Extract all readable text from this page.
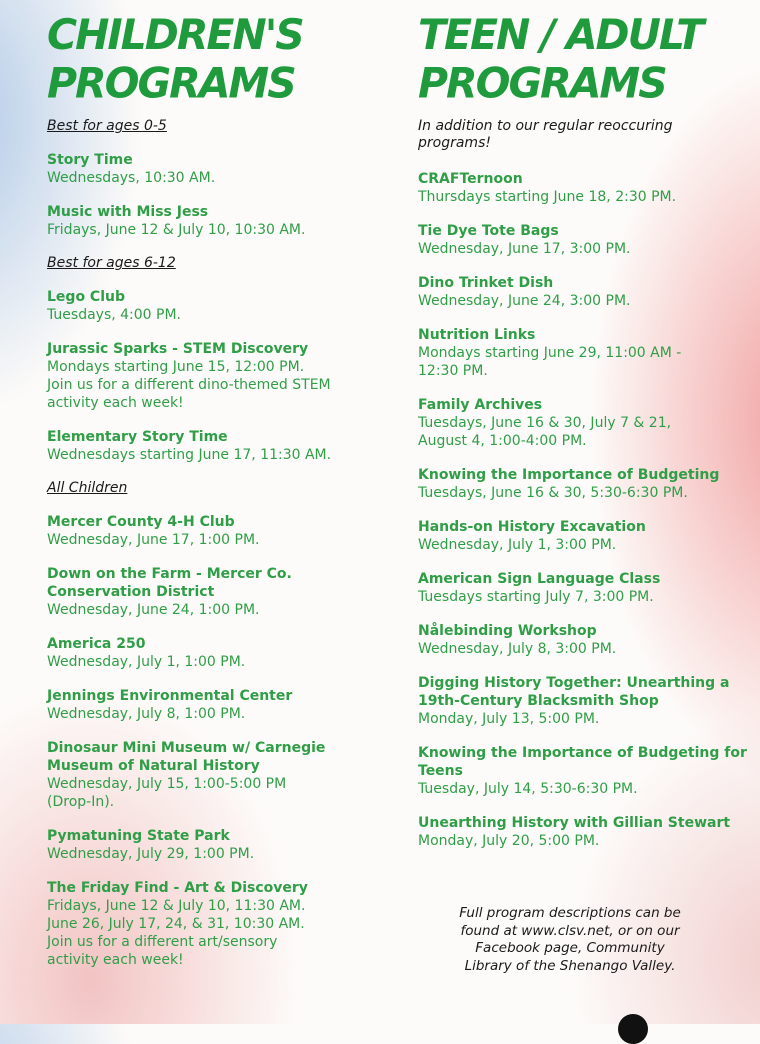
CHILDREN'S
PROGRAMS
Best for ages 0-5
Story Time
Wednesdays, 10:30 AM.
Music with Miss Jess
Fridays, June 12 & July 10, 10:30 AM.
Best for ages 6-12
Lego Club
Tuesdays, 4:00 PM.
Jurassic Sparks - STEM Discovery
Mondays starting June 15, 12:00 PM.
Join us for a different dino-themed STEM
activity each week!
Elementary Story Time
Wednesdays starting June 17, 11:30 AM.
All Children
Mercer County 4-H Club
Wednesday, June 17, 1:00 PM.
Down on the Farm - Mercer Co. Conservation District
Wednesday, June 24, 1:00 PM.
America 250
Wednesday, July 1, 1:00 PM.
Jennings Environmental Center
Wednesday, July 8, 1:00 PM.
Dinosaur Mini Museum w/ Carnegie Museum of Natural History
Wednesday, July 15, 1:00-5:00 PM
(Drop-In).
Pymatuning State Park
Wednesday, July 29, 1:00 PM.
The Friday Find - Art & Discovery
Fridays, June 12 & July 10, 11:30 AM.
June 26, July 17, 24, & 31, 10:30 AM.
Join us for a different art/sensory
activity each week!
TEEN / ADULT
PROGRAMS
In addition to our regular reoccuring programs!
CRAFTernoon
Thursdays starting June 18, 2:30 PM.
Tie Dye Tote Bags
Wednesday, June 17, 3:00 PM.
Dino Trinket Dish
Wednesday, June 24, 3:00 PM.
Nutrition Links
Mondays starting June 29, 11:00 AM -
12:30 PM.
Family Archives
Tuesdays, June 16 & 30, July 7 & 21,
August 4, 1:00-4:00 PM.
Knowing the Importance of Budgeting
Tuesdays, June 16 & 30, 5:30-6:30 PM.
Hands-on History Excavation
Wednesday, July 1, 3:00 PM.
American Sign Language Class
Tuesdays starting July 7, 3:00 PM.
Nålebinding Workshop
Wednesday, July 8, 3:00 PM.
Digging History Together: Unearthing a 19th-Century Blacksmith Shop
Monday, July 13, 5:00 PM.
Knowing the Importance of Budgeting for Teens
Tuesday, July 14, 5:30-6:30 PM.
Unearthing History with Gillian Stewart
Monday, July 20, 5:00 PM.
Full program descriptions can be found at www.clsv.net, or on our Facebook page, Community Library of the Shenango Valley.
